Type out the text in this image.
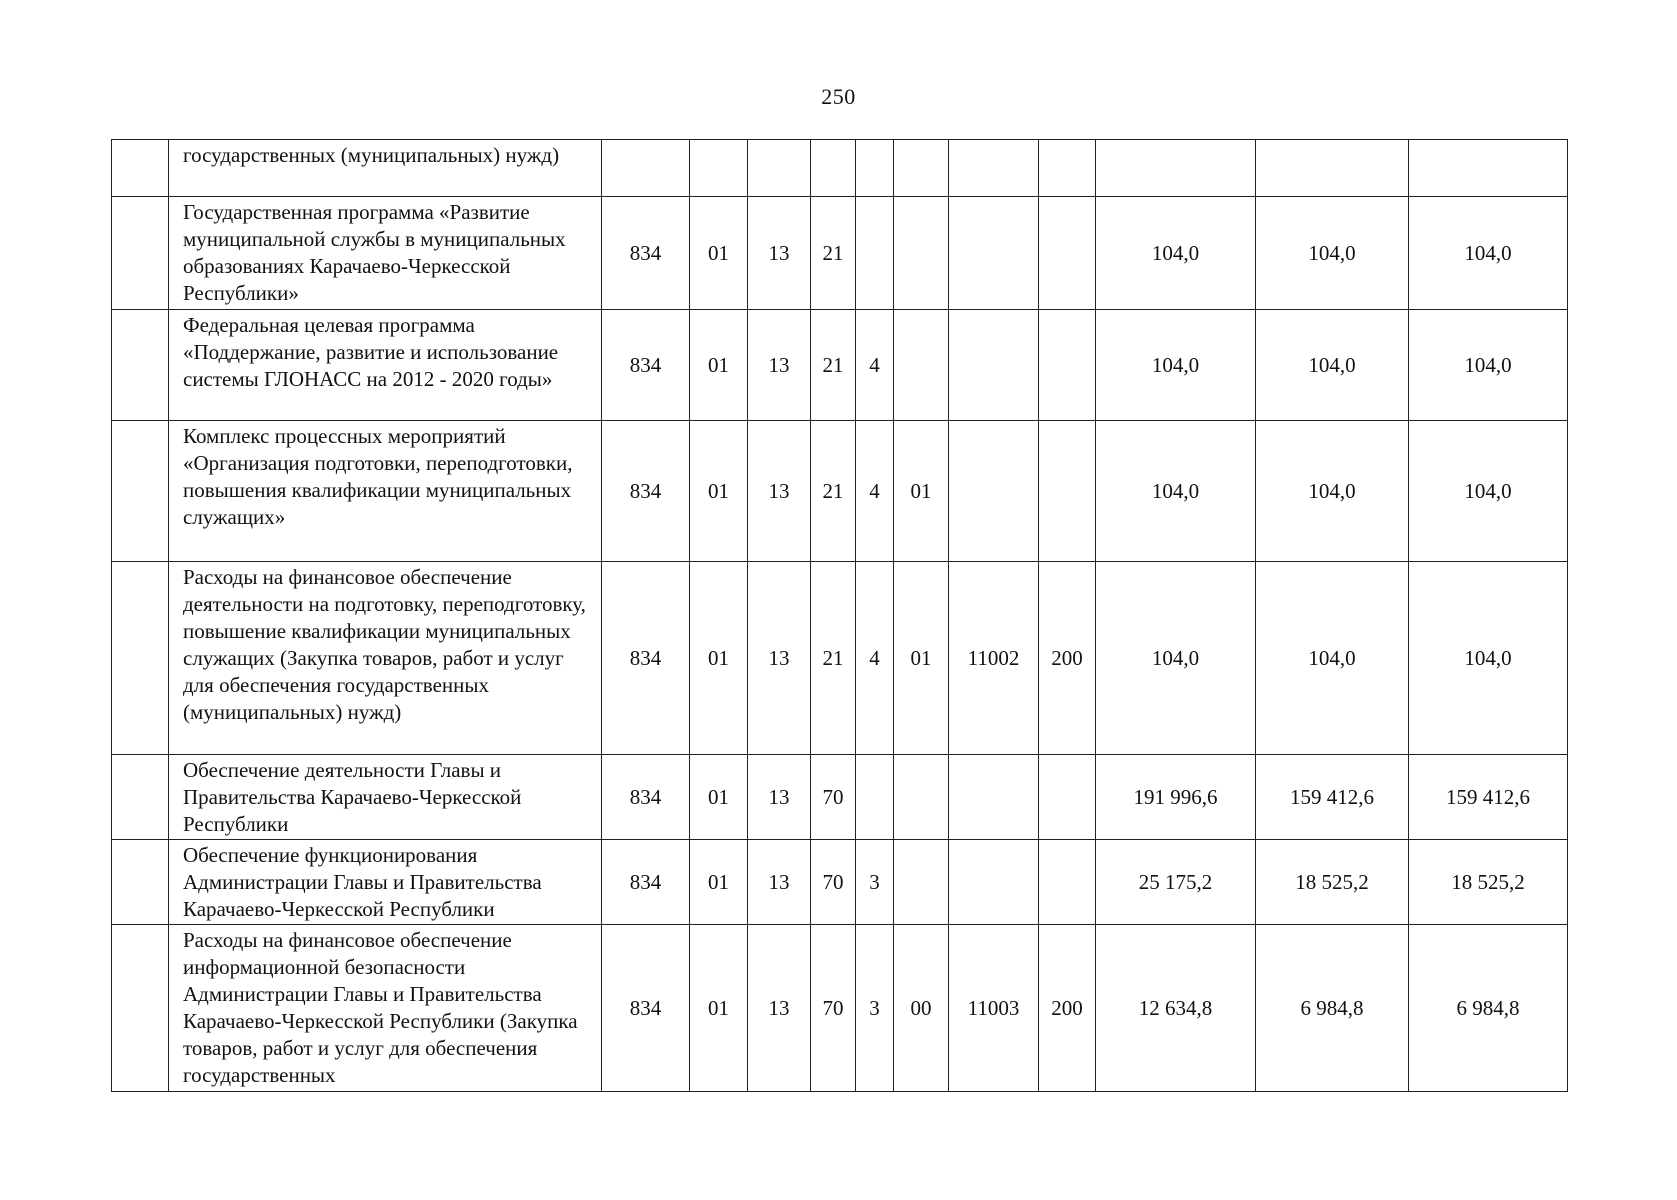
250
	государственных (муниципальных) нужд)											
	Государственная программа «Развитие муниципальной службы в муниципальных образованиях Карачаево-Черкесской Республики»	834	01	13	21					104,0	104,0	104,0
	Федеральная целевая программа «Поддержание, развитие и использование системы ГЛОНАСС на 2012 - 2020 годы»	834	01	13	21	4				104,0	104,0	104,0
	Комплекс процессных мероприятий «Организация подготовки, переподготовки, повышения квалификации муниципальных служащих»	834	01	13	21	4	01			104,0	104,0	104,0
	Расходы на финансовое обеспечение деятельности на подготовку, переподготовку, повышение квалификации муниципальных служащих (Закупка товаров, работ и услуг для обеспечения государственных (муниципальных) нужд)	834	01	13	21	4	01	11002	200	104,0	104,0	104,0
	Обеспечение деятельности Главы и Правительства Карачаево-Черкесской Республики	834	01	13	70					191 996,6	159 412,6	159 412,6
	Обеспечение функционирования Администрации Главы и Правительства Карачаево-Черкесской Республики	834	01	13	70	3				25 175,2	18 525,2	18 525,2
	Расходы на финансовое обеспечение информационной безопасности Администрации Главы и Правительства Карачаево-Черкесской Республики (Закупка товаров, работ и услуг для обеспечения государственных	834	01	13	70	3	00	11003	200	12 634,8	6 984,8	6 984,8
